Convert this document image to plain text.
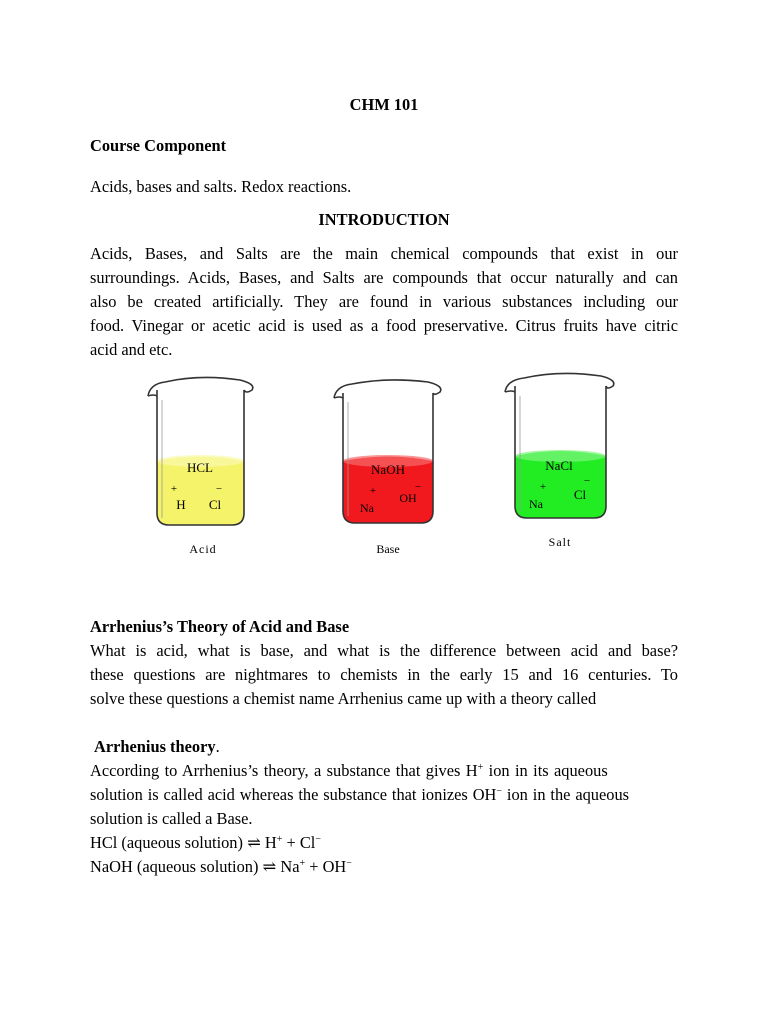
CHM 101
Course Component
Acids, bases and salts. Redox reactions.
INTRODUCTION
Acids, Bases, and Salts are the main chemical compounds that exist in our
surroundings. Acids, Bases, and Salts are compounds that occur naturally and can
also be created artificially. They are found in various substances including our
food. Vinegar or acetic acid is used as a food preservative. Citrus fruits have citric
acid and etc.
HCL
+	−
H Cl
Acid
NaOH
+	−
Na
OH
Base
NaCl
+	−
Na
Cl
Salt
Arrhenius’s Theory of Acid and Base
What is acid, what is base, and what is the difference between acid and base?
these questions are nightmares to chemists in the early 15 and 16 centuries. To
solve these questions a chemist name Arrhenius came up with a theory called
Arrhenius theory.
According to Arrhenius’s theory, a substance that gives H+ ion in its aqueous
solution is called acid whereas the substance that ionizes OH− ion in the aqueous
solution is called a Base.
HCl (aqueous solution) ⇌ H+ + Cl−
NaOH (aqueous solution) ⇌ Na+ + OH−
